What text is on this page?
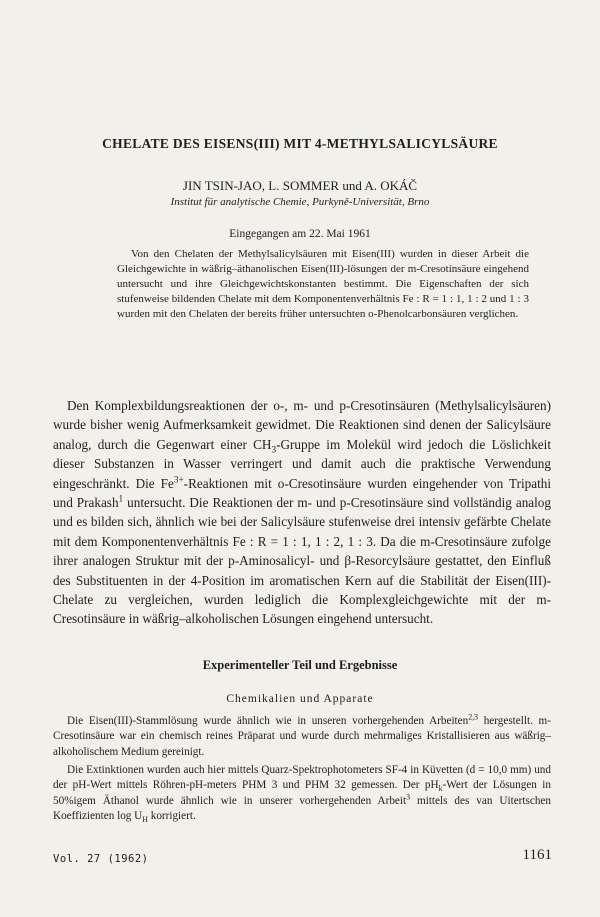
CHELATE DES EISENS(III) MIT 4-METHYLSALICYLSÄURE
JIN TSIN-JAO, L. SOMMER und A. OKÁČ
Institut für analytische Chemie, Purkyně-Universität, Brno
Eingegangen am 22. Mai 1961

Von den Chelaten der Methylsalicylsäuren mit Eisen(III) wurden in dieser Arbeit die Gleichgewichte in wäßrig–äthanolischen Eisen(III)-lösungen der m-Cresotinsäure eingehend untersucht und ihre Gleichgewichtskonstanten bestimmt. Die Eigenschaften der sich stufenweise bildenden Chelate mit dem Komponentenverhältnis Fe : R = 1 : 1, 1 : 2 und 1 : 3 wurden mit den Chelaten der bereits früher untersuchten o-Phenolcarbonsäuren verglichen.

Den Komplexbildungsreaktionen der o-, m- und p-Cresotinsäuren (Methylsalicylsäuren) wurde bisher wenig Aufmerksamkeit gewidmet. Die Reaktionen sind denen der Salicylsäure analog, durch die Gegenwart einer $CH_3$-Gruppe im Molekül wird jedoch die Löslichkeit dieser Substanzen in Wasser verringert und damit auch die praktische Verwendung eingeschränkt. Die $Fe^{3+}$-Reaktionen mit o-Cresotinsäure wurden eingehender von Tripathi und Prakash$^1$ untersucht. Die Reaktionen der m- und p-Cresotinsäure sind vollständig analog und es bilden sich, ähnlich wie bei der Salicylsäure stufenweise drei intensiv gefärbte Chelate mit dem Komponentenverhältnis Fe : R = 1 : 1, 1 : 2, 1 : 3. Da die m-Cresotinsäure zufolge ihrer analogen Struktur mit der p-Aminosalicyl- und β-Resorcylsäure gestattet, den Einfluß des Substituenten in der 4-Position im aromatischen Kern auf die Stabilität der Eisen(III)-Chelate zu vergleichen, wurden lediglich die Komplexgleichgewichte mit der m-Cresotinsäure in wäßrig–alkoholischen Lösungen eingehend untersucht.

Experimenteller Teil und Ergebnisse
Chemikalien und Apparate

Die Eisen(III)-Stammlösung wurde ähnlich wie in unseren vorhergehenden Arbeiten$^{2,3}$ hergestellt. m-Cresotinsäure war ein chemisch reines Präparat und wurde durch mehrmaliges Kristallisieren aus wäßrig–alkoholischem Medium gereinigt.

Die Extinktionen wurden auch hier mittels Quarz-Spektrophotometers SF-4 in Küvetten (d = 10,0 mm) und der pH-Wert mittels Röhren-pH-meters PHM 3 und PHM 32 gemessen. Der $pH_k$-Wert der Lösungen in 50%igem Äthanol wurde ähnlich wie in unserer vorhergehenden Arbeit$^3$ mittels des van Uitertschen Koeffizienten $\log U_H$ korrigiert.

Vol. 27 (1962)	1161
